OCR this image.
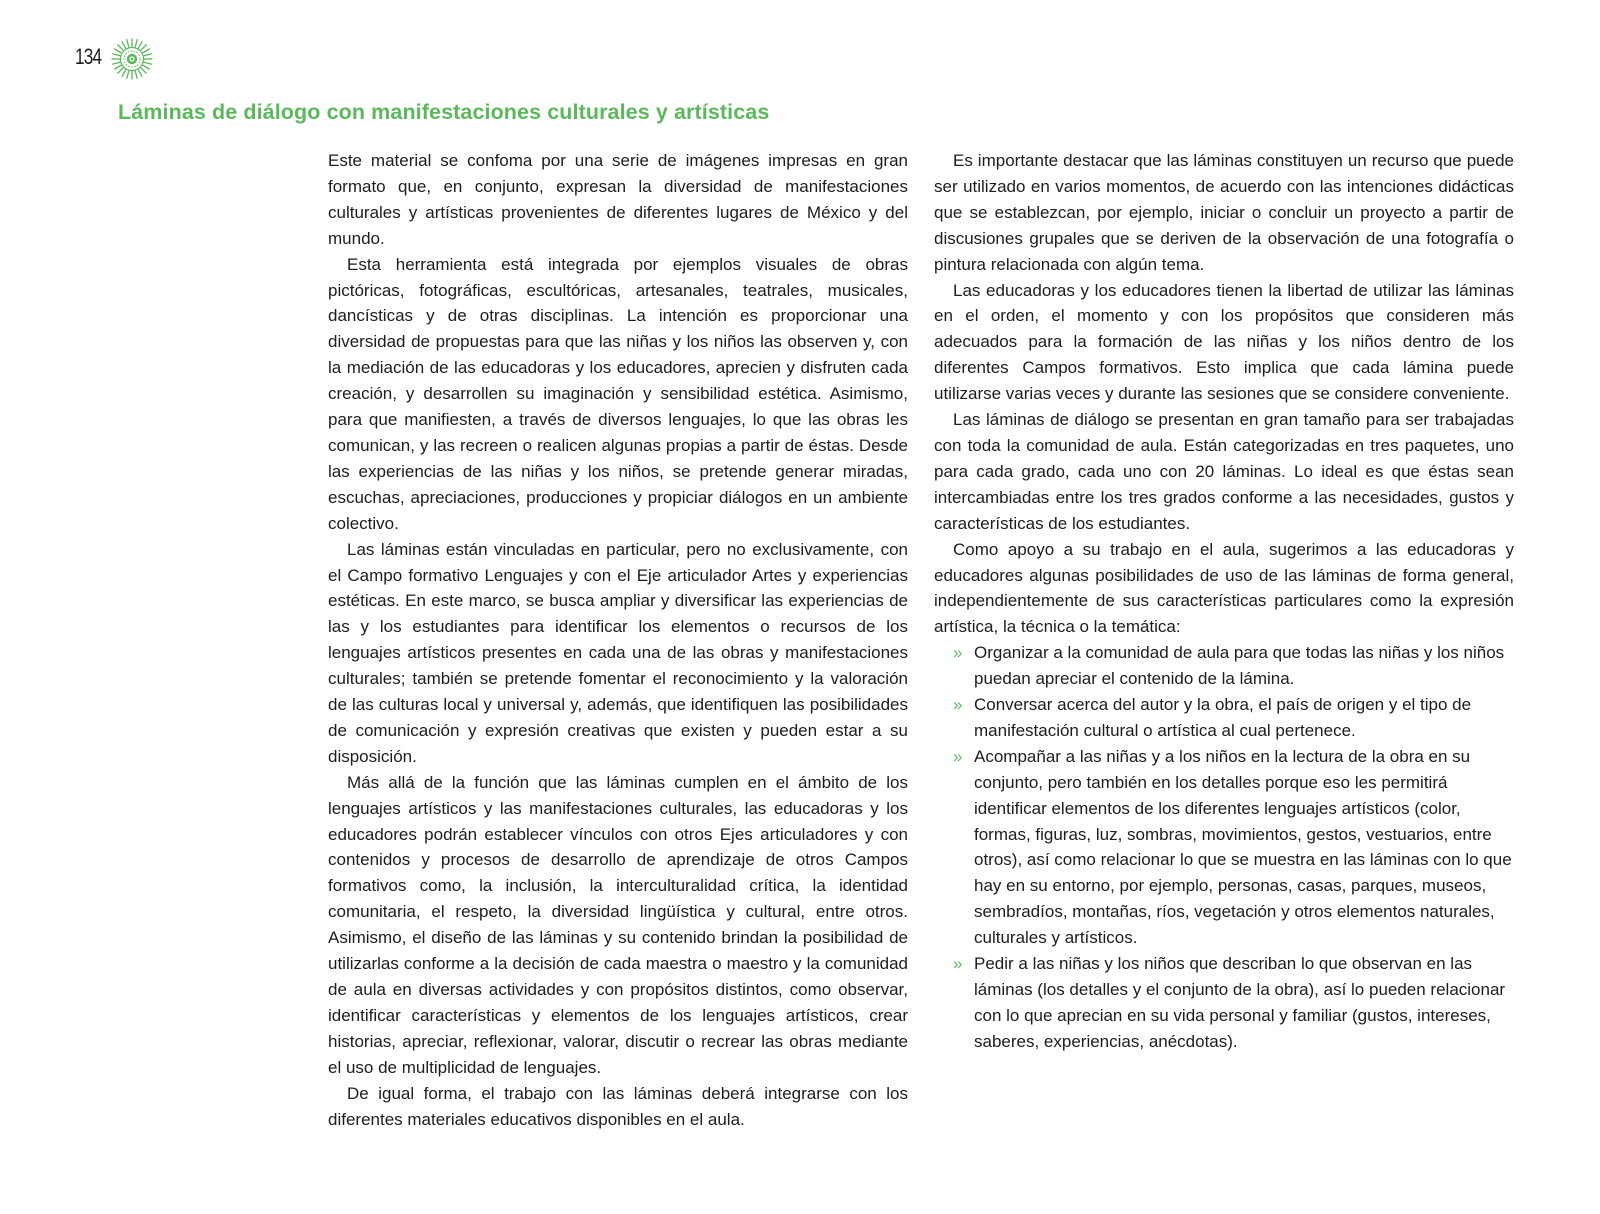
134
Láminas de diálogo con manifestaciones culturales y artísticas

Este material se confoma por una serie de imágenes impresas en gran formato que, en conjunto, expresan la diversidad de manifestaciones culturales y artísticas provenientes de diferentes lugares de México y del mundo.

Esta herramienta está integrada por ejemplos visuales de obras pictóricas, fotográficas, escultóricas, artesanales, teatrales, musicales, dancísticas y de otras disciplinas. La intención es proporcionar una diversidad de propuestas para que las niñas y los niños las observen y, con la mediación de las educadoras y los educadores, aprecien y disfruten cada creación, y desarrollen su imaginación y sensibilidad estética. Asimismo, para que manifiesten, a través de diversos lenguajes, lo que las obras les comunican, y las recreen o realicen algunas propias a partir de éstas. Desde las experiencias de las niñas y los niños, se pretende generar miradas, escuchas, apreciaciones, producciones y propiciar diálogos en un ambiente colectivo.

Las láminas están vinculadas en particular, pero no exclusivamente, con el Campo formativo Lenguajes y con el Eje articulador Artes y experiencias estéticas. En este marco, se busca ampliar y diversificar las experiencias de las y los estudiantes para identificar los elementos o recursos de los lenguajes artísticos presentes en cada una de las obras y manifestaciones culturales; también se pretende fomentar el reconocimiento y la valoración de las culturas local y universal y, además, que identifiquen las posibilidades de comunicación y expresión creativas que existen y pueden estar a su disposición.

Más allá de la función que las láminas cumplen en el ámbito de los lenguajes artísticos y las manifestaciones culturales, las educadoras y los educadores podrán establecer vínculos con otros Ejes articuladores y con contenidos y procesos de desarrollo de aprendizaje de otros Campos formativos como, la inclusión, la interculturalidad crítica, la identidad comunitaria, el respeto, la diversidad lingüística y cultural, entre otros. Asimismo, el diseño de las láminas y su contenido brindan la posibilidad de utilizarlas conforme a la decisión de cada maestra o maestro y la comunidad de aula en diversas actividades y con propósitos distintos, como observar, identificar características y elementos de los lenguajes artísticos, crear historias, apreciar, reflexionar, valorar, discutir o recrear las obras mediante el uso de multiplicidad de lenguajes.

De igual forma, el trabajo con las láminas deberá integrarse con los diferentes materiales educativos disponibles en el aula.

Es importante destacar que las láminas constituyen un recurso que puede ser utilizado en varios momentos, de acuerdo con las intenciones didácticas que se establezcan, por ejemplo, iniciar o concluir un proyecto a partir de discusiones grupales que se deriven de la observación de una fotografía o pintura relacionada con algún tema.

Las educadoras y los educadores tienen la libertad de utilizar las láminas en el orden, el momento y con los propósitos que consideren más adecuados para la formación de las niñas y los niños dentro de los diferentes Campos formativos. Esto implica que cada lámina puede utilizarse varias veces y durante las sesiones que se considere conveniente.

Las láminas de diálogo se presentan en gran tamaño para ser trabajadas con toda la comunidad de aula. Están categorizadas en tres paquetes, uno para cada grado, cada uno con 20 láminas. Lo ideal es que éstas sean intercambiadas entre los tres grados conforme a las necesidades, gustos y características de los estudiantes.

Como apoyo a su trabajo en el aula, sugerimos a las educadoras y educadores algunas posibilidades de uso de las láminas de forma general, independientemente de sus características particulares como la expresión artística, la técnica o la temática:

» Organizar a la comunidad de aula para que todas las niñas y los niños puedan apreciar el contenido de la lámina.
» Conversar acerca del autor y la obra, el país de origen y el tipo de manifestación cultural o artística al cual pertenece.
» Acompañar a las niñas y a los niños en la lectura de la obra en su conjunto, pero también en los detalles porque eso les permitirá identificar elementos de los diferentes lenguajes artísticos (color, formas, figuras, luz, sombras, movimientos, gestos, vestuarios, entre otros), así como relacionar lo que se muestra en las láminas con lo que hay en su entorno, por ejemplo, personas, casas, parques, museos, sembradíos, montañas, ríos, vegetación y otros elementos naturales, culturales y artísticos.
» Pedir a las niñas y los niños que describan lo que observan en las láminas (los detalles y el conjunto de la obra), así lo pueden relacionar con lo que aprecian en su vida personal y familiar (gustos, intereses, saberes, experiencias, anécdotas).
